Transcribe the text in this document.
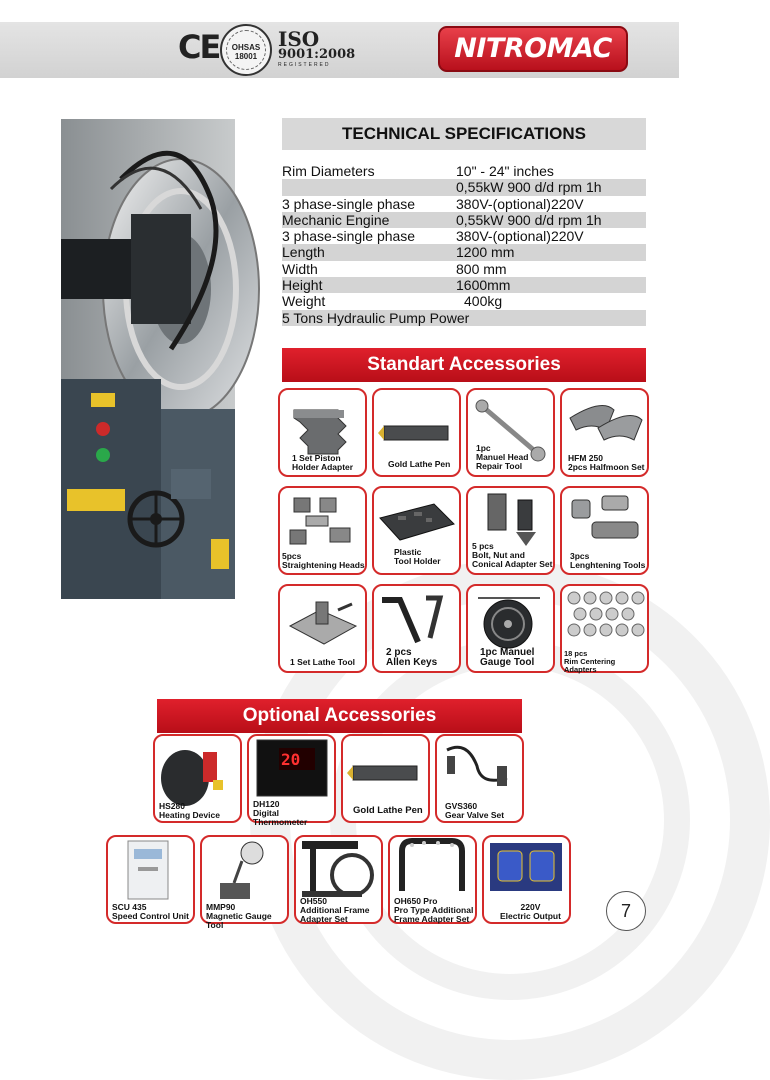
CE	OHSAS 18001
ISO
9001:2008
REGISTERED
NITROMAC
TECHNICAL SPECIFICATIONS
Rim Diameters	10" - 24" inches
0,55kW 900 d/d rpm 1h
3 phase-single phase	380V-(optional)220V
Mechanic Engine	0,55kW 900 d/d rpm 1h
3 phase-single phase	380V-(optional)220V
Length	1200 mm
Width	800 mm
Height	1600mm
Weight	400kg
5 Tons Hydraulic Pump Power
Standart Accessories
1 Set Piston
Holder Adapter	Gold Lathe Pen
1pc
Manuel Head
Repair Tool
HFM 250
2pcs Halfmoon Set
5pcs
Straightening Heads
Plastic
Tool Holder
5 pcs
Bolt, Nut and
Conical Adapter Set
3pcs
Lenghtening Tools
1 Set Lathe Tool
2 pcs
Allen Keys
1pc Manuel
Gauge Tool
18 pcs
Rim Centering Adapters
Optional Accessories
HS280
Heating Device
20
DH120
Digital Thermometer
Gold Lathe Pen	GVS360
Gear Valve Set
SCU 435
Speed Control Unit
MMP90
Magnetic Gauge Tool
OH550
Additional Frame
Adapter Set
OH650 Pro
Pro Type Additional
Frame Adapter Set
220V
Electric Output	7
